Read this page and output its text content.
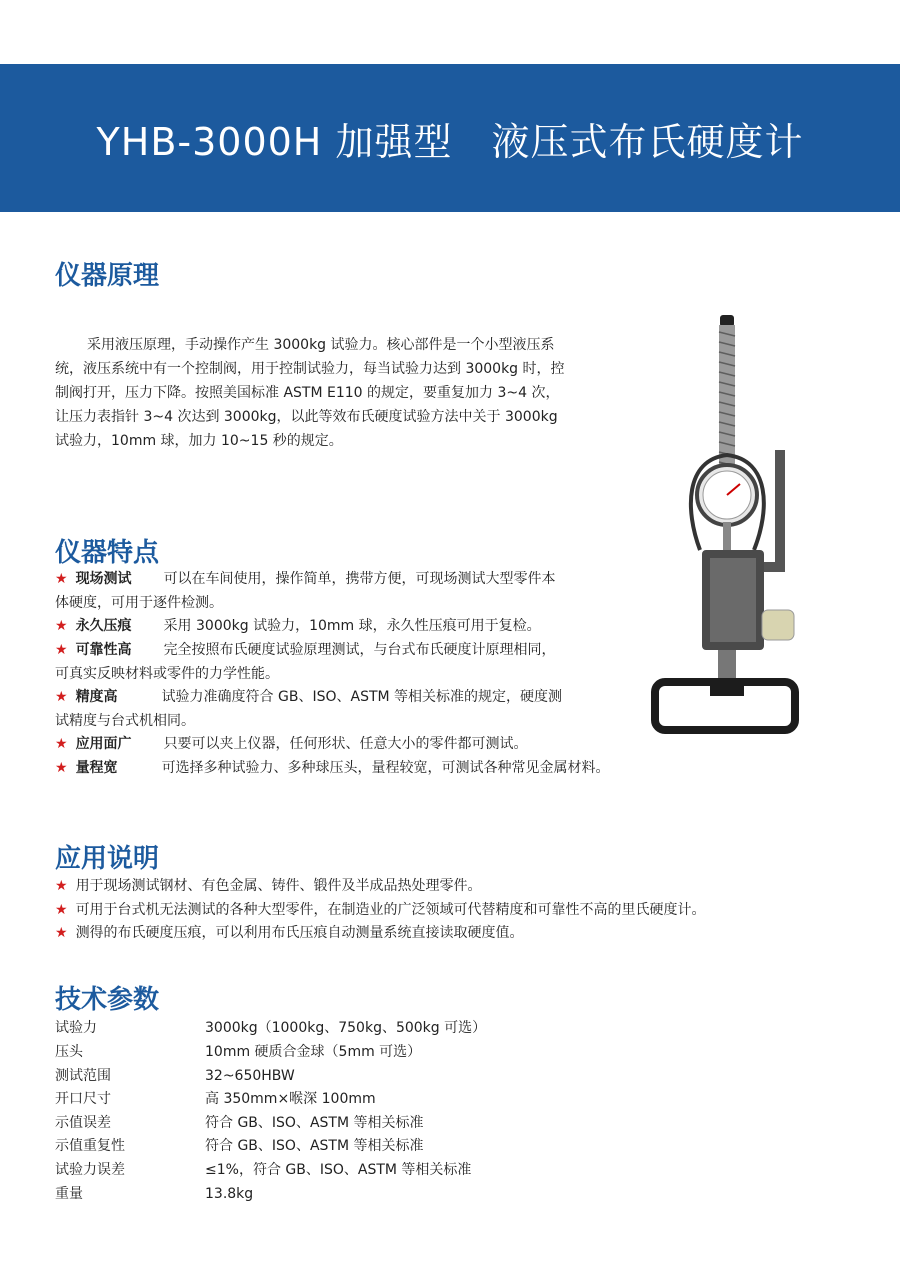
YHB-3000H 加强型　液压式布氏硬度计
仪器原理

采用液压原理，手动操作产生 3000kg 试验力。核心部件是一个小型液压系统，液压系统中有一个控制阀，用于控制试验力，每当试验力达到 3000kg 时，控制阀打开，压力下降。按照美国标准 ASTM E110 的规定，要重复加力 3~4 次，让压力表指针 3~4 次达到 3000kg，以此等效布氏硬度试验方法中关于 3000kg 试验力，10mm 球，加力 10~15 秒的规定。

仪器特点
★ 现场测试 可以在车间使用，操作简单，携带方便，可现场测试大型零件本体硬度，可用于逐件检测。
★ 永久压痕 采用 3000kg 试验力，10mm 球，永久性压痕可用于复检。
★ 可靠性高 完全按照布氏硬度试验原理测试，与台式布氏硬度计原理相同，可真实反映材料或零件的力学性能。
★ 精度高	试验力准确度符合 GB、ISO、ASTM 等相关标准的规定，硬度测试精度与台式机相同。
★ 应用面广 只要可以夹上仪器，任何形状、任意大小的零件都可测试。
★ 量程宽	可选择多种试验力、多种球压头，量程较宽，可测试各种常见金属材料。
应用说明
★ 用于现场测试钢材、有色金属、铸件、锻件及半成品热处理零件。
★ 可用于台式机无法测试的各种大型零件，在制造业的广泛领域可代替精度和可靠性不高的里氏硬度计。
★ 测得的布氏硬度压痕，可以利用布氏压痕自动测量系统直接读取硬度值。
技术参数
试验力	3000kg（1000kg、750kg、500kg 可选）
压头	10mm 硬质合金球（5mm 可选）
测试范围	32~650HBW
开口尺寸	高 350mm×喉深 100mm
示值误差	符合 GB、ISO、ASTM 等相关标准
示值重复性	符合 GB、ISO、ASTM 等相关标准
试验力误差	≤1%，符合 GB、ISO、ASTM 等相关标准
重量	13.8kg
